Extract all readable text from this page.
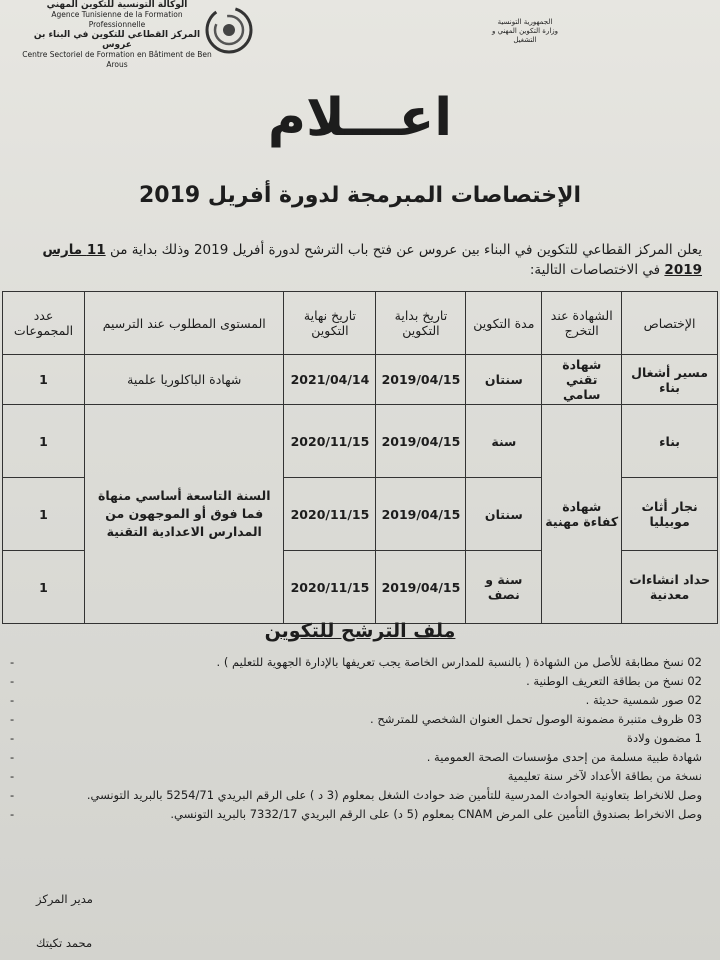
الوكالة التونسية للتكوين المهني
Agence Tunisienne de la Formation Professionnelle
المركز القطاعي للتكوين في البناء بن عروس
Centre Sectoriel de Formation en Bâtiment de Ben Arous
الجمهورية التونسية
وزارة التكوين المهني و التشغيل
اعـــلام
الإختصاصات المبرمجة لدورة أفريل 2019
يعلن المركز القطاعي للتكوين في البناء بين عروس عن فتح باب الترشح لدورة أفريل 2019 وذلك بداية من 11 مارس 2019 في الاختصاصات التالية:
الإختصاص	الشهادة عند التخرج	مدة التكوين	تاريخ بداية التكوين	تاريخ نهاية التكوين	المستوى المطلوب عند الترسيم	عدد المجموعات
مسير أشغال بناء	شهادة تقني سامي	سنتان	2019/04/15	2021/04/14	شهادة الباكلوريا علمية	1
بناء	شهادة كفاءة مهنية	سنة	2019/04/15	2020/11/15	السنة التاسعة أساسي منهاة فما فوق أو الموجهون من المدارس الاعدادية التقنية	1
نجار أثاث موبيليا		سنتان	2019/04/15	2020/11/15		1
حداد انشاءات معدنية		سنة و نصف	2019/04/15	2020/11/15		1
ملف الترشح للتكوين
-	02 نسخ مطابقة للأصل من الشهادة ( بالنسبة للمدارس الخاصة يجب تعريفها بالإدارة الجهوية للتعليم ) .
-	02 نسخ من بطاقة التعريف الوطنية .
-	02 صور شمسية حديثة .
-	03 ظروف متنبرة مضمونة الوصول تحمل العنوان الشخصي للمترشح .
-	1 مضمون ولادة
-	شهادة طبية مسلمة من إحدى مؤسسات الصحة العمومية .
-	نسخة من بطاقة الأعداد لآخر سنة تعليمية
-	وصل للانخراط بتعاونية الحوادث المدرسية للتأمين ضد حوادث الشغل بمعلوم (3 د ) على الرقم البريدي 5254/71 بالبريد التونسي.
-	وصل الانخراط بصندوق التأمين على المرض CNAM بمعلوم (5 د) على الرقم البريدي 7332/17 بالبريد التونسي.
مدير المركز
محمد تكيتك
